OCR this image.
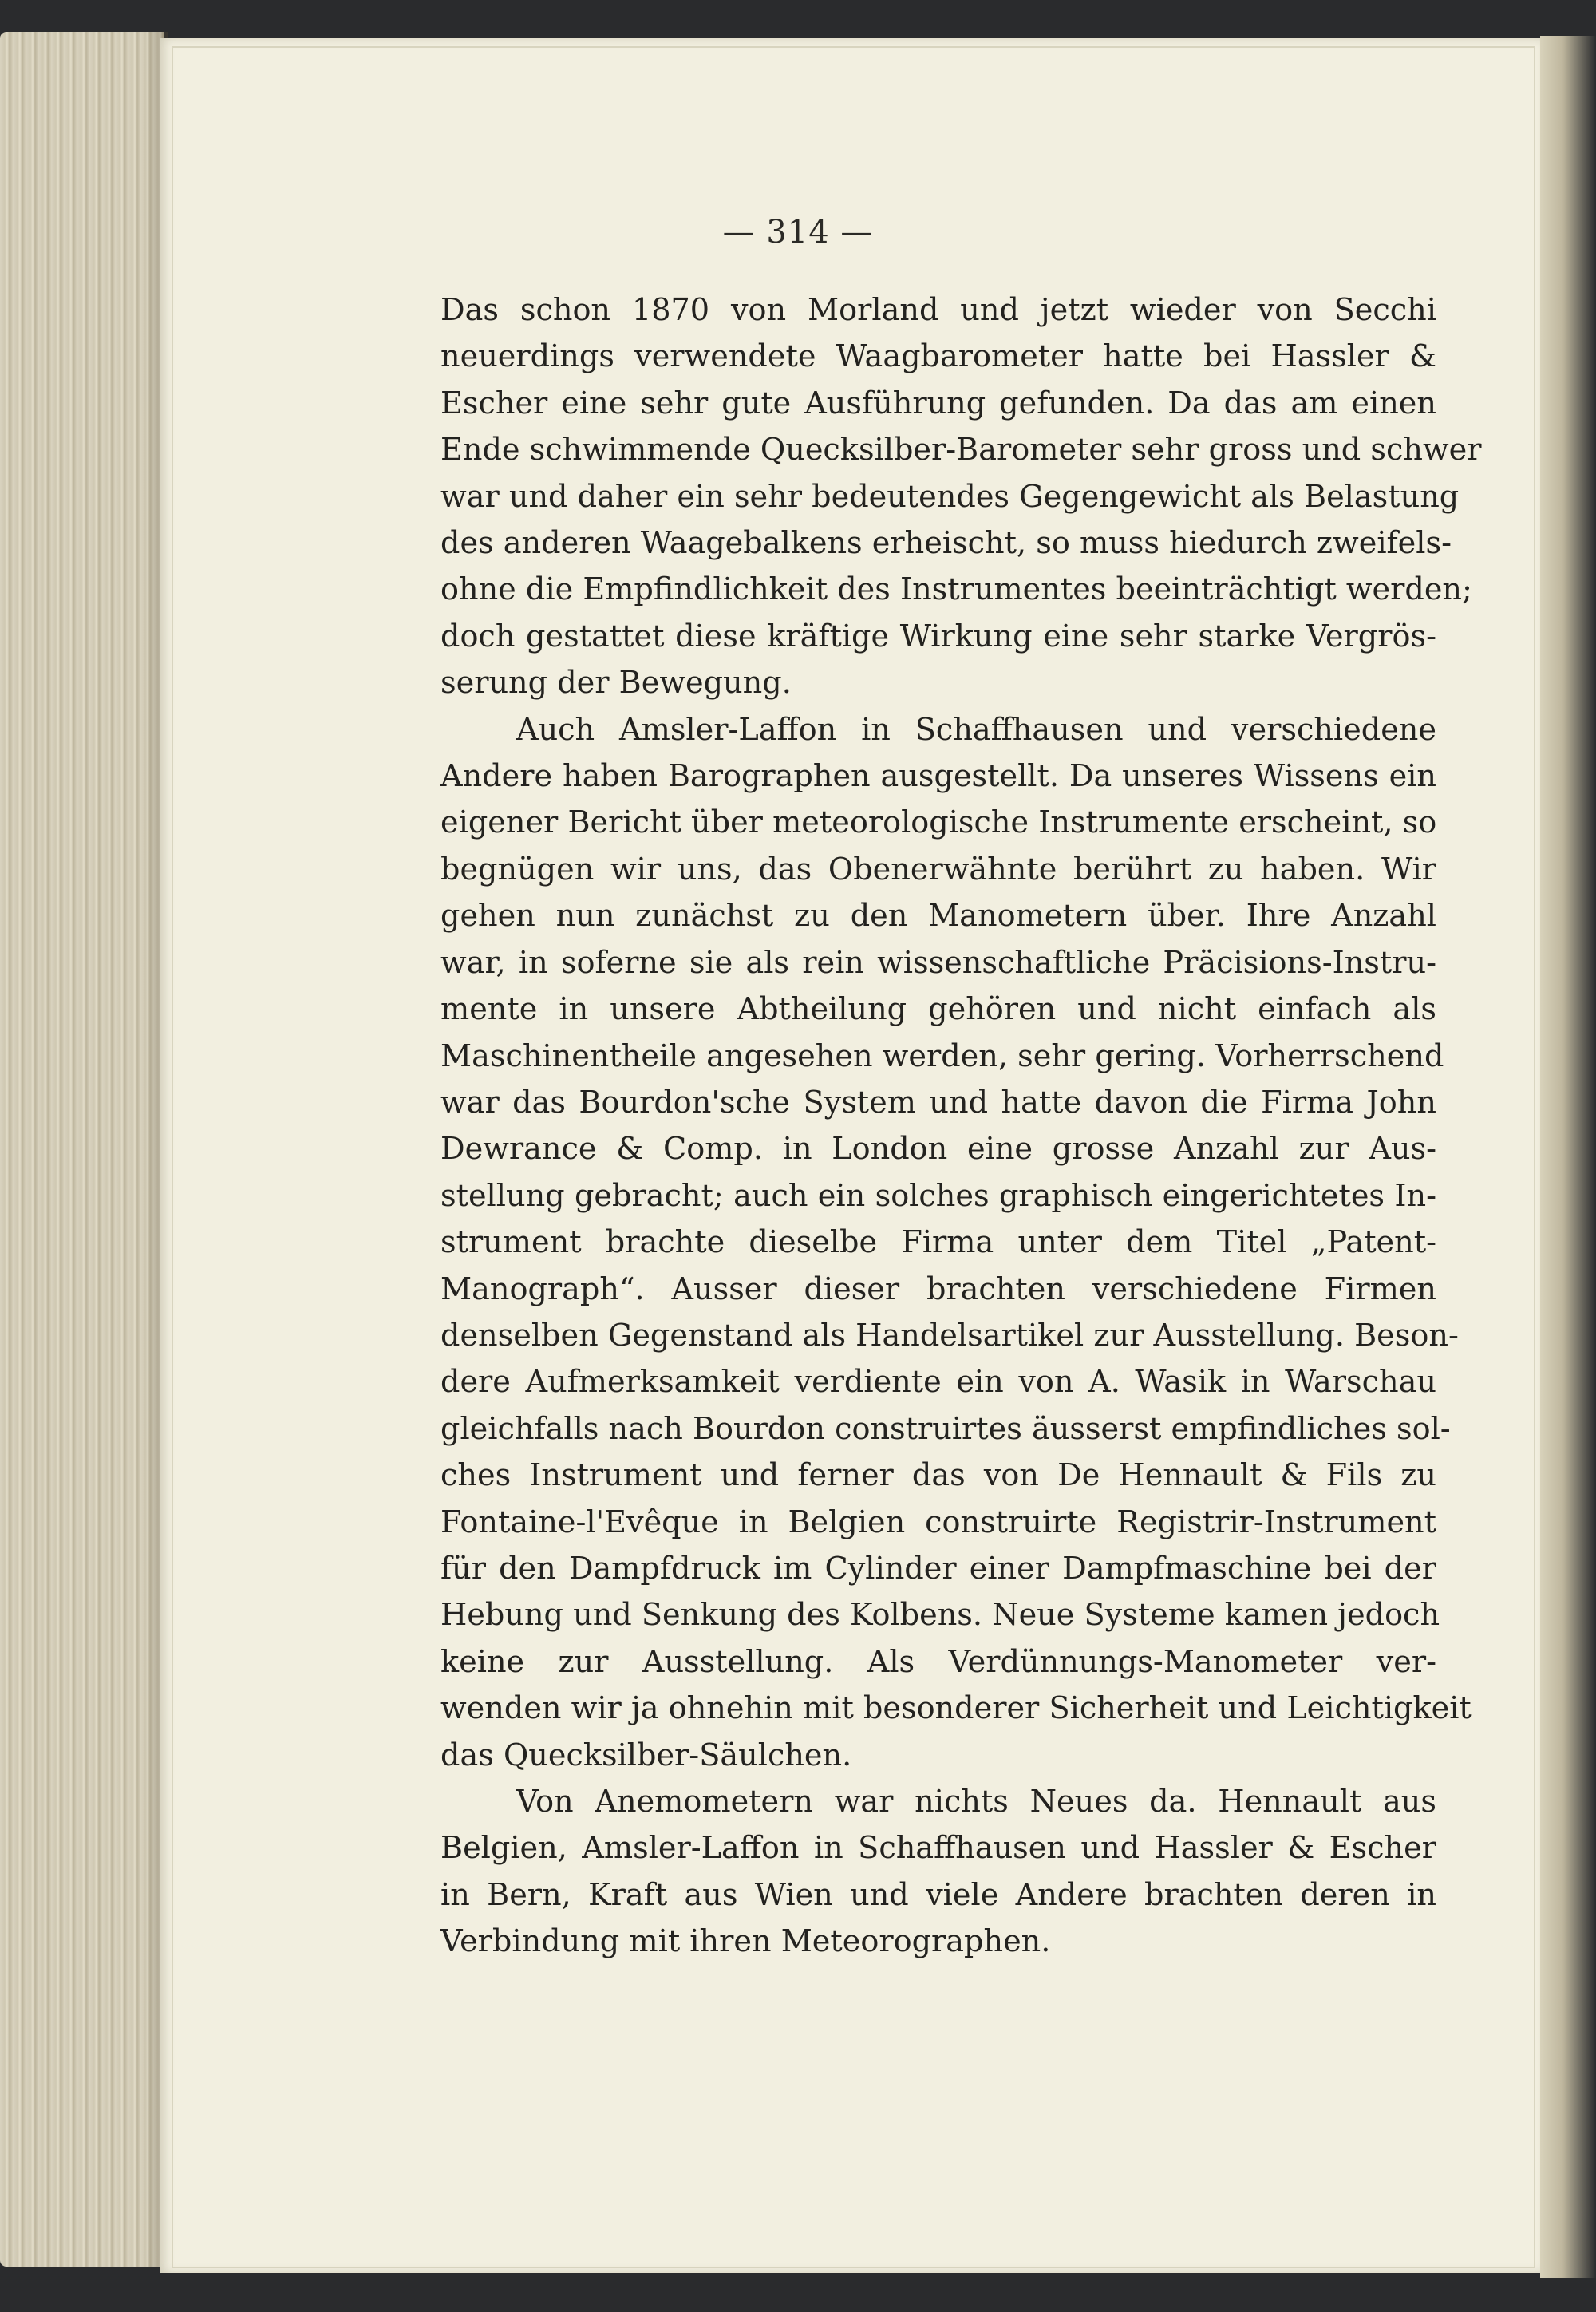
— 314 —
Das schon 1870 von Morland und jetzt wieder von Secchi
neuerdings verwendete Waagbarometer hatte bei Hassler &
Escher eine sehr gute Ausführung gefunden. Da das am einen
Ende schwimmende Quecksilber-Barometer sehr gross und schwer
war und daher ein sehr bedeutendes Gegengewicht als Belastung
des anderen Waagebalkens erheischt, so muss hiedurch zweifels-
ohne die Empfindlichkeit des Instrumentes beeinträchtigt werden;
doch gestattet diese kräftige Wirkung eine sehr starke Vergrös-
serung der Bewegung.
Auch Amsler-Laffon in Schaffhausen und verschiedene
Andere haben Barographen ausgestellt. Da unseres Wissens ein
eigener Bericht über meteorologische Instrumente erscheint, so
begnügen wir uns, das Obenerwähnte berührt zu haben. Wir
gehen nun zunächst zu den Manometern über. Ihre Anzahl
war, in soferne sie als rein wissenschaftliche Präcisions-Instru-
mente in unsere Abtheilung gehören und nicht einfach als
Maschinentheile angesehen werden, sehr gering. Vorherrschend
war das Bourdon'sche System und hatte davon die Firma John
Dewrance & Comp. in London eine grosse Anzahl zur Aus-
stellung gebracht; auch ein solches graphisch eingerichtetes In-
strument brachte dieselbe Firma unter dem Titel „Patent-
Manograph“. Ausser dieser brachten verschiedene Firmen
denselben Gegenstand als Handelsartikel zur Ausstellung. Beson-
dere Aufmerksamkeit verdiente ein von A. Wasik in Warschau
gleichfalls nach Bourdon construirtes äusserst empfindliches sol-
ches Instrument und ferner das von De Hennault & Fils zu
Fontaine-l'Evêque in Belgien construirte Registrir-Instrument
für den Dampfdruck im Cylinder einer Dampfmaschine bei der
Hebung und Senkung des Kolbens. Neue Systeme kamen jedoch
keine zur Ausstellung. Als Verdünnungs-Manometer ver-
wenden wir ja ohnehin mit besonderer Sicherheit und Leichtigkeit
das Quecksilber-Säulchen.
Von Anemometern war nichts Neues da. Hennault aus
Belgien, Amsler-Laffon in Schaffhausen und Hassler & Escher
in Bern, Kraft aus Wien und viele Andere brachten deren in
Verbindung mit ihren Meteorographen.
